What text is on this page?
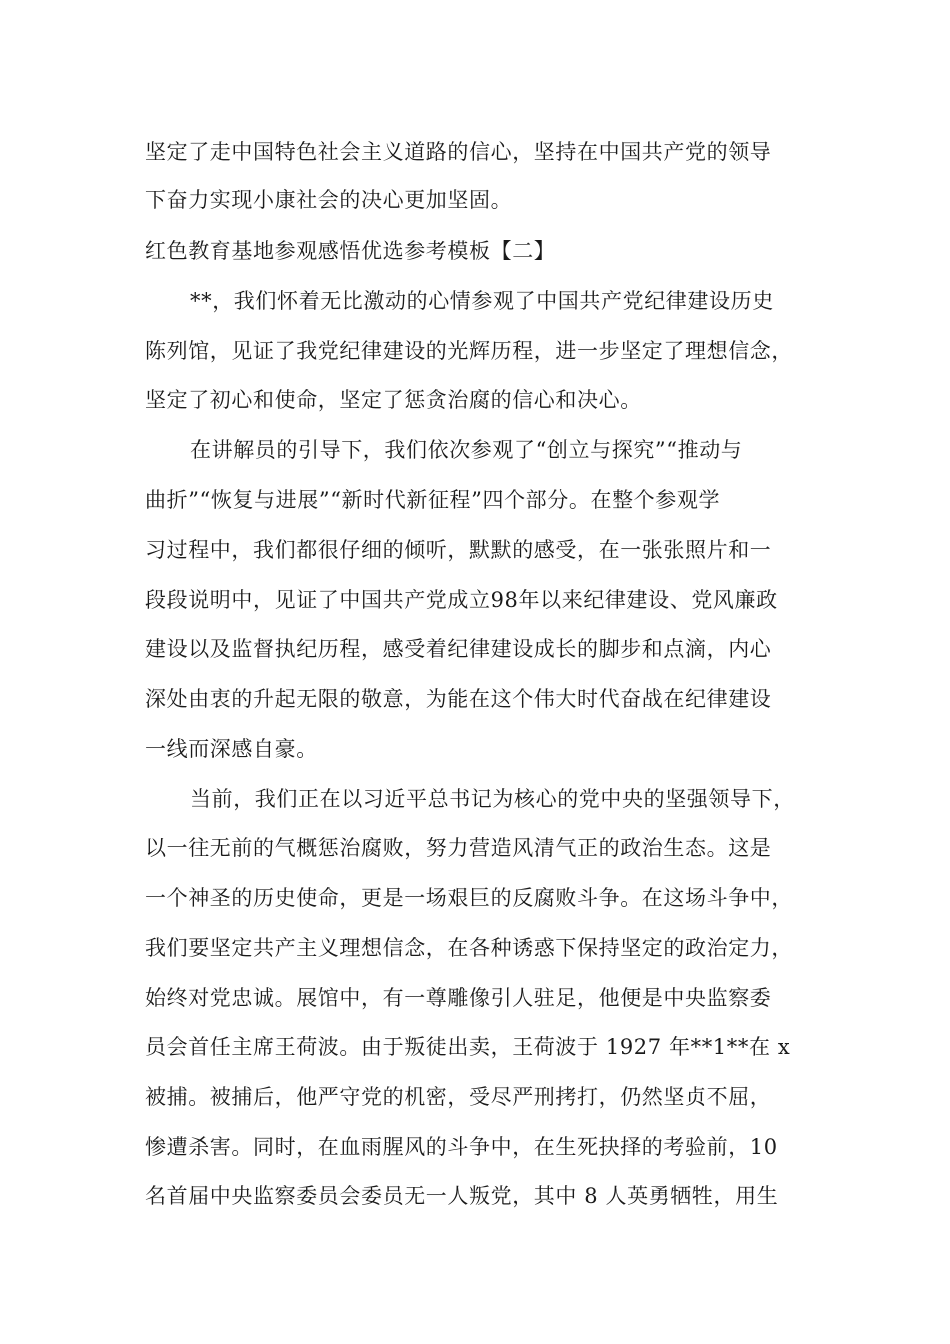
坚定了走中国特色社会主义道路的信心，坚持在中国共产党的领导
下奋力实现小康社会的决心更加坚固。
红色教育基地参观感悟优选参考模板【二】
**，我们怀着无比激动的心情参观了中国共产党纪律建设历史
陈列馆，见证了我党纪律建设的光辉历程，进一步坚定了理想信念，
坚定了初心和使命，坚定了惩贪治腐的信心和决心。
在讲解员的引导下，我们依次参观了“创立与探究”“推动与
曲折”“恢复与进展”“新时代新征程”四个部分。在整个参观学
习过程中，我们都很仔细的倾听，默默的感受，在一张张照片和一
段段说明中，见证了中国共产党成立98年以来纪律建设、党风廉政
建设以及监督执纪历程，感受着纪律建设成长的脚步和点滴，内心
深处由衷的升起无限的敬意，为能在这个伟大时代奋战在纪律建设
一线而深感自豪。
当前，我们正在以习近平总书记为核心的党中央的坚强领导下，
以一往无前的气概惩治腐败，努力营造风清气正的政治生态。这是
一个神圣的历史使命，更是一场艰巨的反腐败斗争。在这场斗争中，
我们要坚定共产主义理想信念，在各种诱惑下保持坚定的政治定力，
始终对党忠诚。展馆中，有一尊雕像引人驻足，他便是中央监察委
员会首任主席王荷波。由于叛徒出卖，王荷波于 1927 年**1**在 x
被捕。被捕后，他严守党的机密，受尽严刑拷打，仍然坚贞不屈，
惨遭杀害。同时，在血雨腥风的斗争中，在生死抉择的考验前，10
名首届中央监察委员会委员无一人叛党，其中 8 人英勇牺牲，用生
